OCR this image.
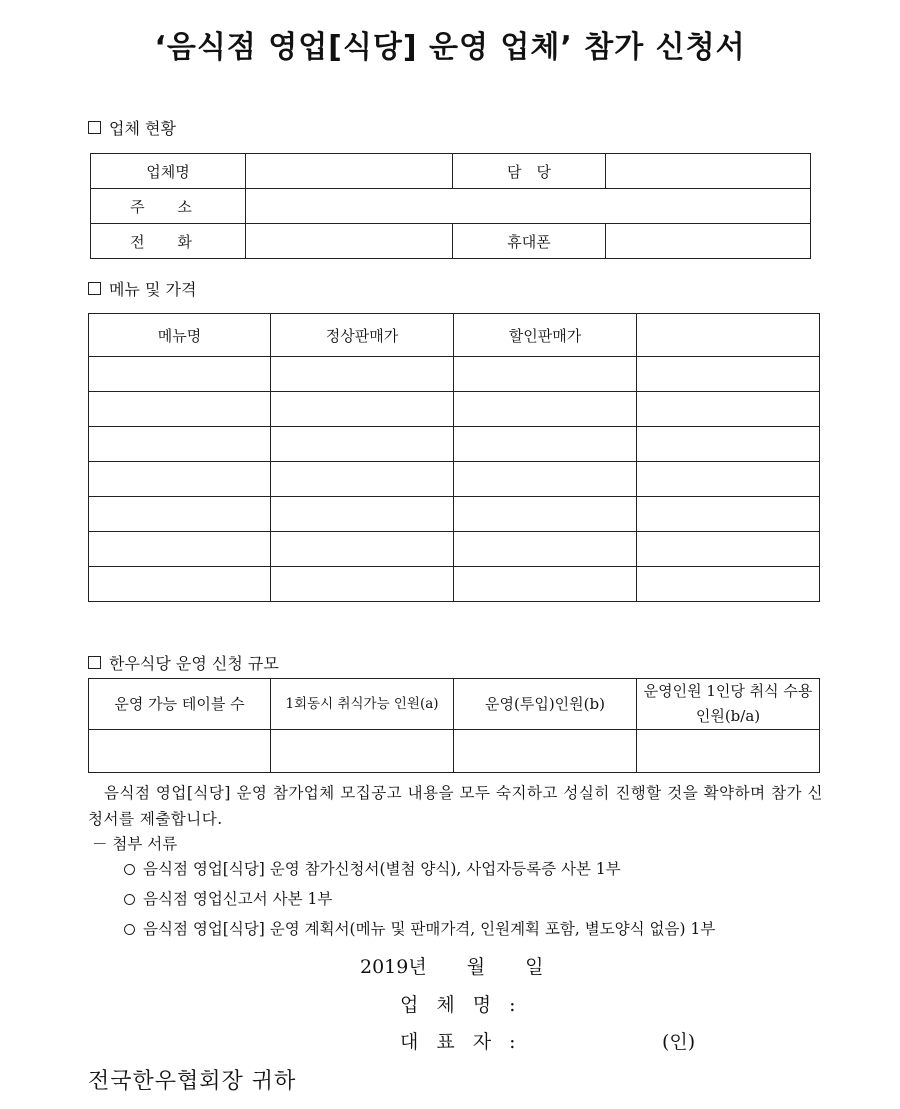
‘음식점 영업[식당] 운영 업체’ 참가 신청서
업체 현황
업체명		담　당	
주 소			
전 화		휴대폰	
메뉴 및 가격
메뉴명	정상판매가	할인판매가	

한우식당 운영 신청 규모
운영 가능 테이블 수	1회동시 취식가능 인원(a)	운영(투입)인원(b)	운영인원 1인당 취식 수용인원(b/a)

음식점 영업[식당] 운영 참가업체 모집공고 내용을 모두 숙지하고 성실히 진행할 것을 확약하며 참가 신청서를 제출합니다.
－ 첨부 서류
음식점 영업[식당] 운영 참가신청서(별첨 양식), 사업자등록증 사본 1부
음식점 영업신고서 사본 1부
음식점 영업[식당] 운영 계획서(메뉴 및 판매가격, 인원계획 포함, 별도양식 없음) 1부
2019년 월 일
업 체 명 :
대 표 자 :	(인)
전국한우협회장 귀하
